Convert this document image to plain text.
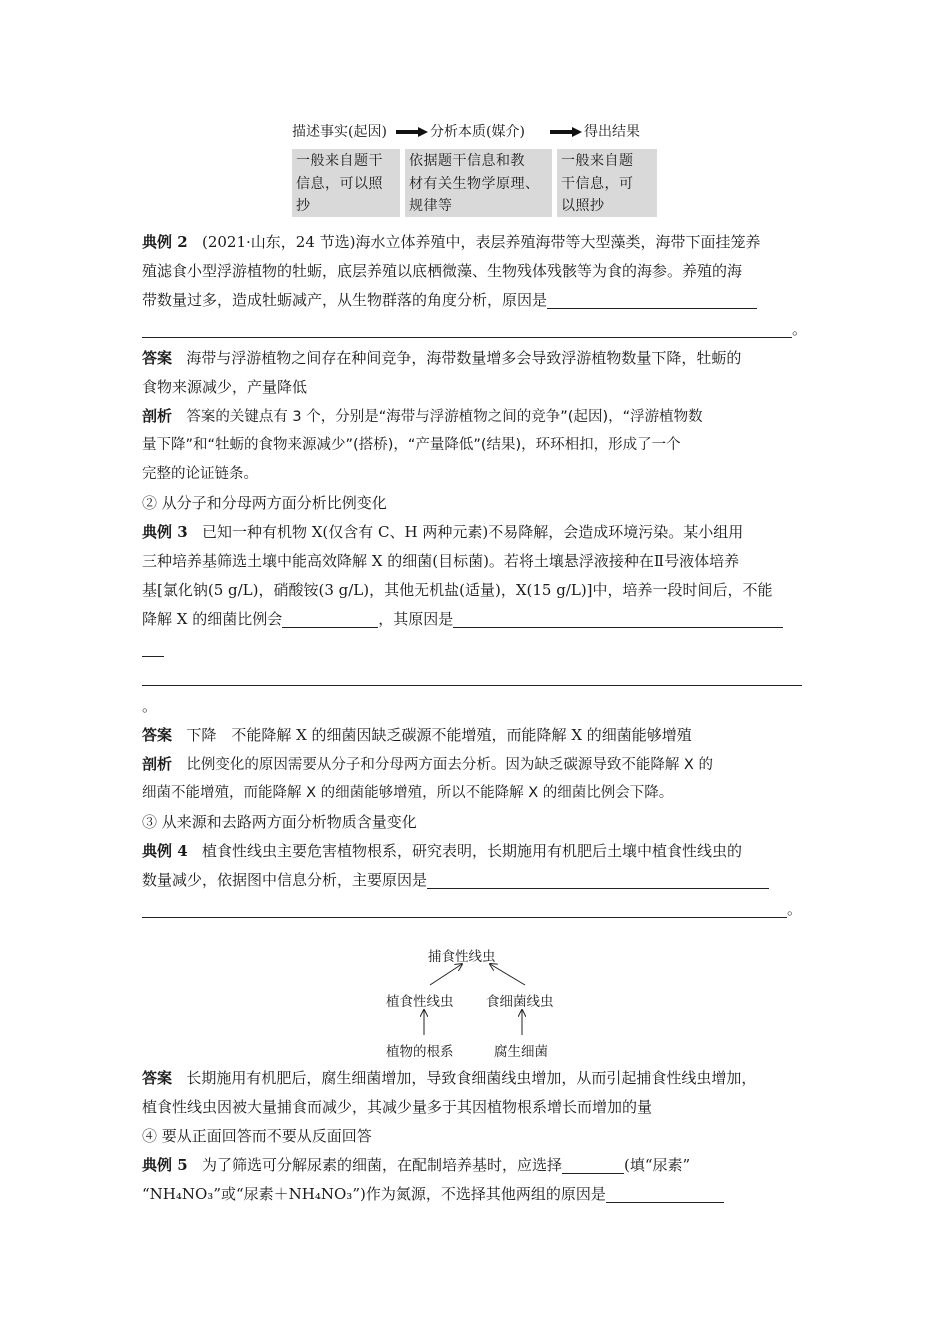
描述事实(起因)	分析本质(媒介)	得出结果
一般来自题干
信息，可以照
抄
依据题干信息和教
材有关生物学原理、
规律等
一般来自题
干信息，可
以照抄
典例 2 (2021·山东，24 节选)海水立体养殖中，表层养殖海带等大型藻类，海带下面挂笼养
殖滤食小型浮游植物的牡蛎，底层养殖以底栖微藻、生物残体残骸等为食的海参。养殖的海
带数量过多，造成牡蛎减产，从生物群落的角度分析，原因是
。
答案 海带与浮游植物之间存在种间竞争，海带数量增多会导致浮游植物数量下降，牡蛎的
食物来源减少，产量降低
剖析 答案的关键点有 3 个，分别是“海带与浮游植物之间的竞争”(起因)，“浮游植物数
量下降”和“牡蛎的食物来源减少”(搭桥)，“产量降低”(结果)，环环相扣，形成了一个
完整的论证链条。
② 从分子和分母两方面分析比例变化
典例 3 已知一种有机物 X(仅含有 C、H 两种元素)不易降解，会造成环境污染。某小组用
三种培养基筛选土壤中能高效降解 X 的细菌(目标菌)。若将土壤悬浮液接种在Ⅱ号液体培养
基[氯化钠(5 g/L)，硝酸铵(3 g/L)，其他无机盐(适量)，X(15 g/L)]中，培养一段时间后，不能
降解 X 的细菌比例会	，其原因是
。
答案 下降　不能降解 X 的细菌因缺乏碳源不能增殖，而能降解 X 的细菌能够增殖
剖析 比例变化的原因需要从分子和分母两方面去分析。因为缺乏碳源导致不能降解 X 的
细菌不能增殖，而能降解 X 的细菌能够增殖，所以不能降解 X 的细菌比例会下降。
③ 从来源和去路两方面分析物质含量变化
典例 4 植食性线虫主要危害植物根系，研究表明，长期施用有机肥后土壤中植食性线虫的
数量减少，依据图中信息分析，主要原因是
。
捕食性线虫
植食性线虫 食细菌线虫
植物的根系	腐生细菌
答案 长期施用有机肥后，腐生细菌增加，导致食细菌线虫增加，从而引起捕食性线虫增加，
植食性线虫因被大量捕食而减少，其减少量多于其因植物根系增长而增加的量
④ 要从正面回答而不要从反面回答
典例 5 为了筛选可分解尿素的细菌，在配制培养基时，应选择	(填“尿素”
“NH₄NO₃”或“尿素＋NH₄NO₃”)作为氮源，不选择其他两组的原因是
